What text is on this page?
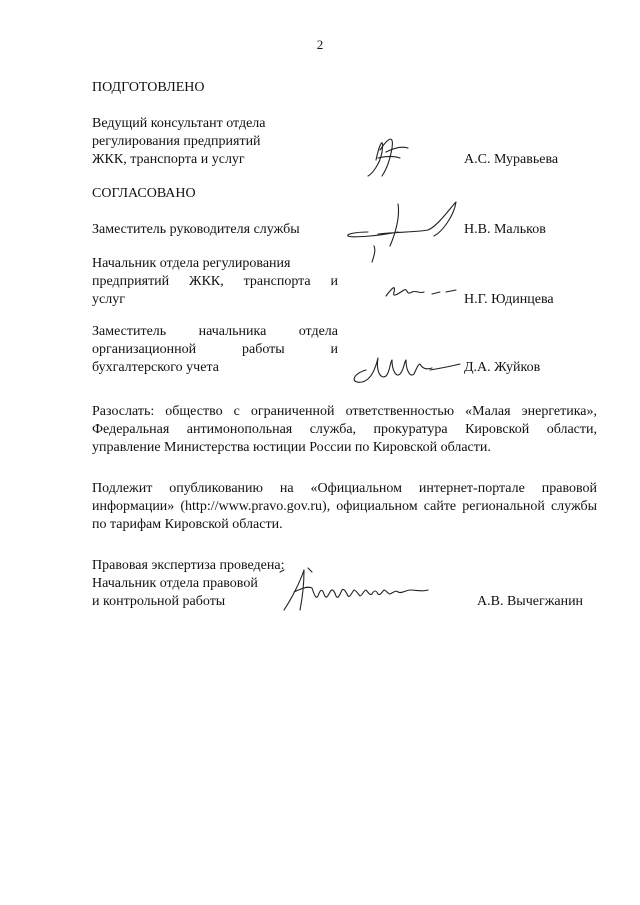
2
ПОДГОТОВЛЕНО
Ведущий консультант отдела
регулирования предприятий
ЖКК, транспорта и услуг	А.С. Муравьева
СОГЛАСОВАНО
Заместитель руководителя службы	Н.В. Мальков
Начальник отдела регулирования
предприятий ЖКК, транспорта и
услуг	Н.Г. Юдинцева
Заместитель начальника отдела
организационной работы и
бухгалтерского учета	Д.А. Жуйков
Разослать: общество с ограниченной ответственностью «Малая энергетика», Федеральная антимонопольная служба, прокуратура Кировской области, управление Министерства юстиции России по Кировской области.
Подлежит опубликованию на «Официальном интернет-портале правовой информации» (http://www.pravo.gov.ru), официальном сайте региональной службы по тарифам Кировской области.
Правовая экспертиза проведена:
Начальник отдела правовой
и контрольной работы	А.В. Вычегжанин
